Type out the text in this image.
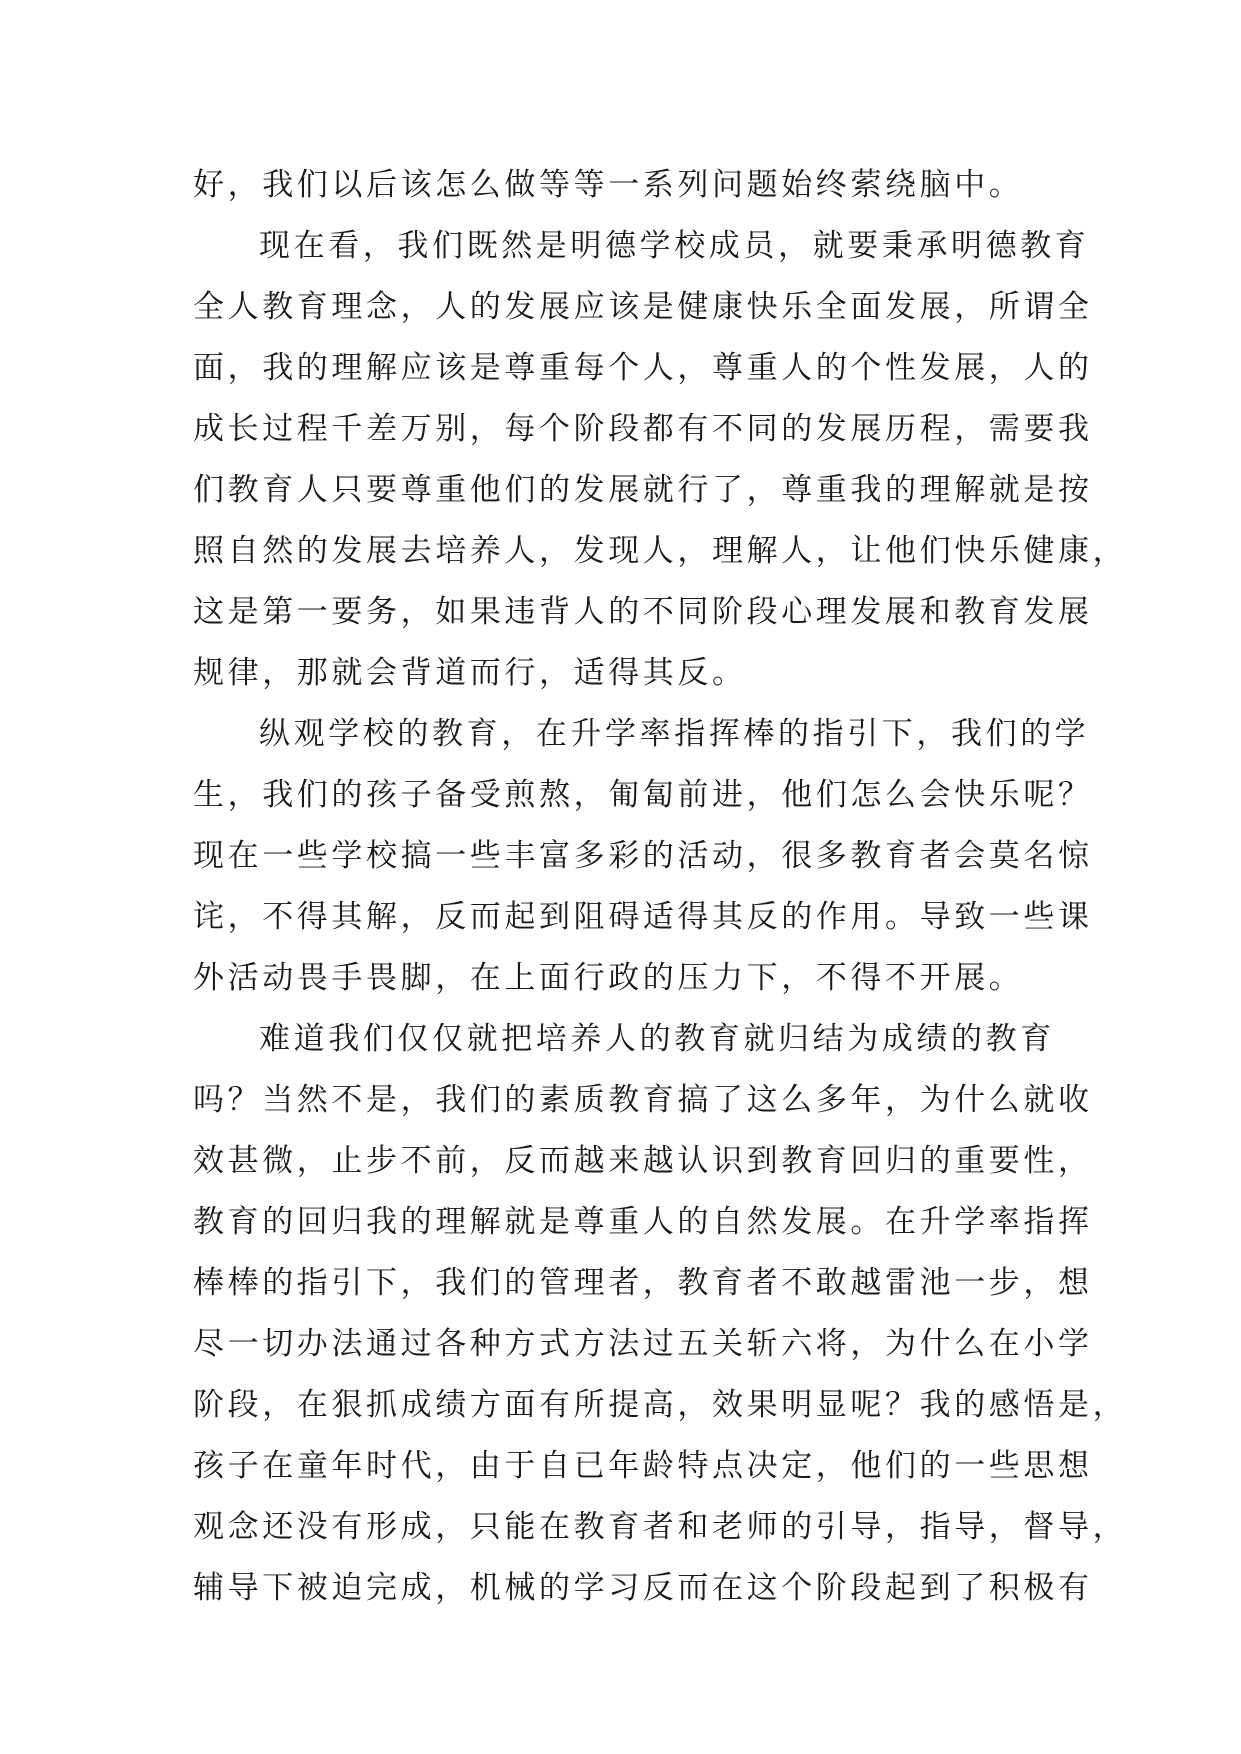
好，我们以后该怎么做等等一系列问题始终萦绕脑中。
现在看，我们既然是明德学校成员，就要秉承明德教育
全人教育理念，人的发展应该是健康快乐全面发展，所谓全
面，我的理解应该是尊重每个人，尊重人的个性发展，人的
成长过程千差万别，每个阶段都有不同的发展历程，需要我
们教育人只要尊重他们的发展就行了，尊重我的理解就是按
照自然的发展去培养人，发现人，理解人，让他们快乐健康，
这是第一要务，如果违背人的不同阶段心理发展和教育发展
规律，那就会背道而行，适得其反。
纵观学校的教育，在升学率指挥棒的指引下，我们的学
生，我们的孩子备受煎熬，匍匐前进，他们怎么会快乐呢？
现在一些学校搞一些丰富多彩的活动，很多教育者会莫名惊
诧，不得其解，反而起到阻碍适得其反的作用。导致一些课
外活动畏手畏脚，在上面行政的压力下，不得不开展。
难道我们仅仅就把培养人的教育就归结为成绩的教育
吗？当然不是，我们的素质教育搞了这么多年，为什么就收
效甚微，止步不前，反而越来越认识到教育回归的重要性，
教育的回归我的理解就是尊重人的自然发展。在升学率指挥
棒棒的指引下，我们的管理者，教育者不敢越雷池一步，想
尽一切办法通过各种方式方法过五关斩六将，为什么在小学
阶段，在狠抓成绩方面有所提高，效果明显呢？我的感悟是，
孩子在童年时代，由于自已年龄特点决定，他们的一些思想
观念还没有形成，只能在教育者和老师的引导，指导，督导，
辅导下被迫完成，机械的学习反而在这个阶段起到了积极有
